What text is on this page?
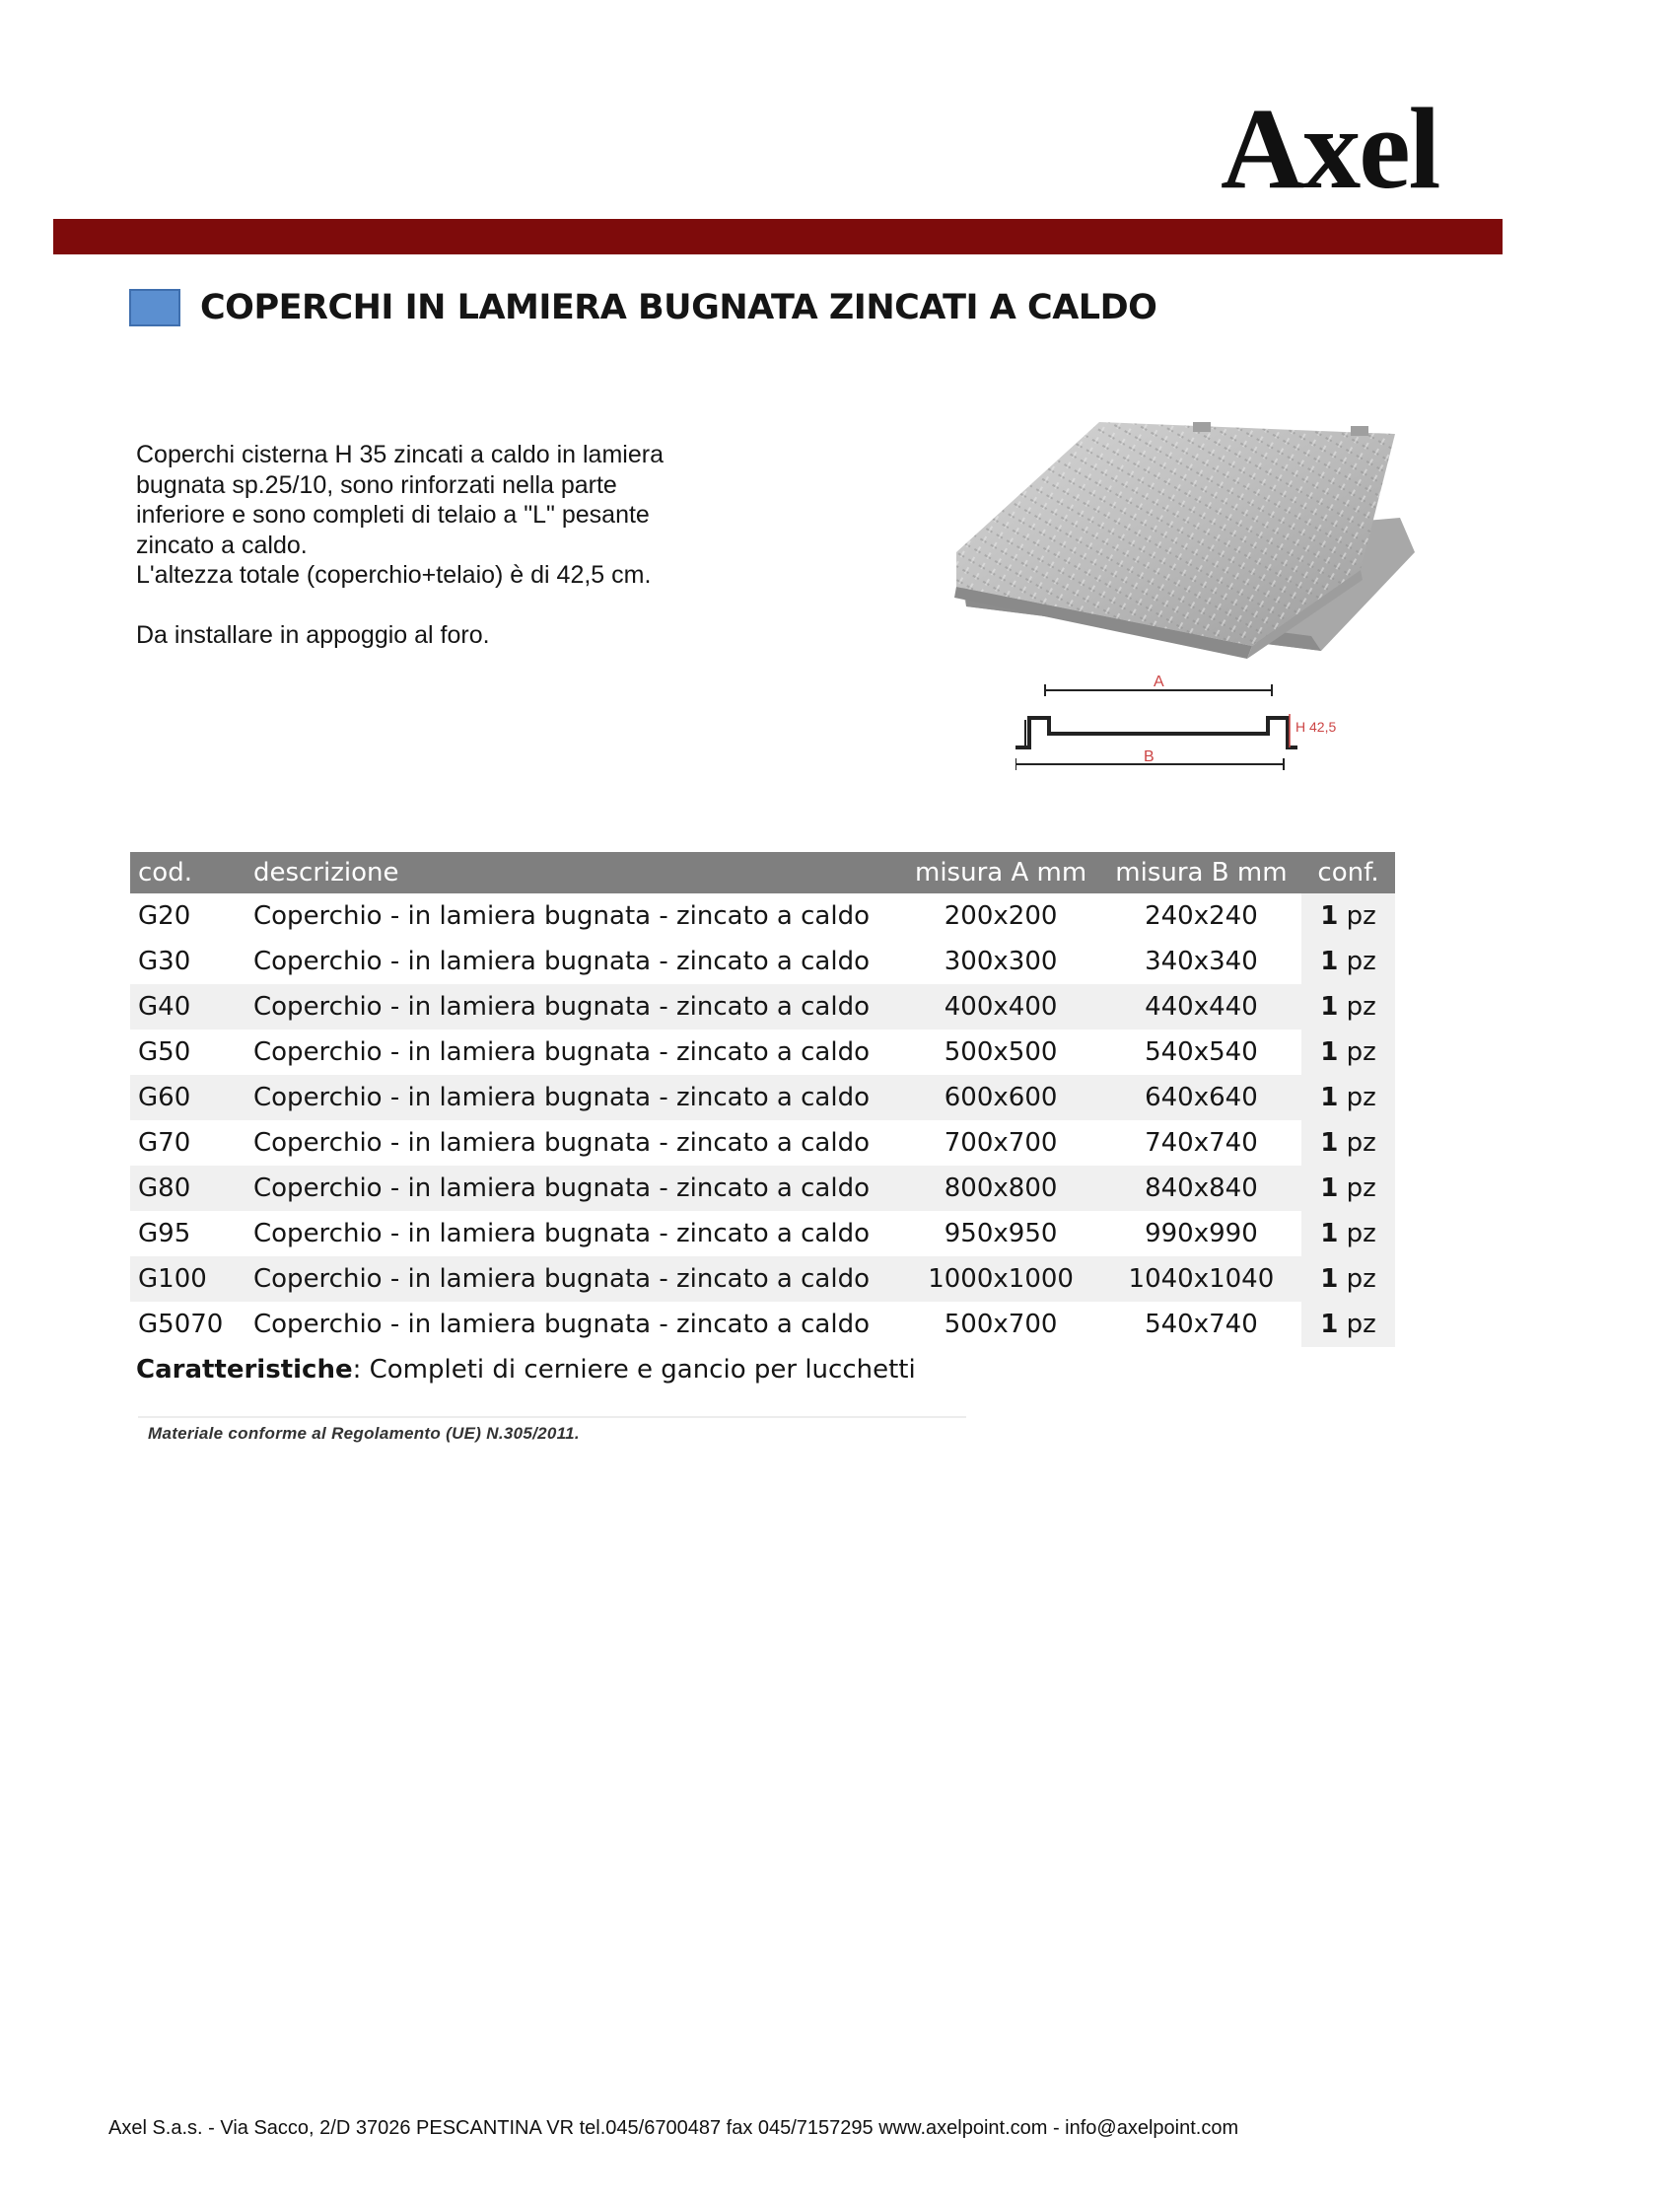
Axel
COPERCHI IN LAMIERA BUGNATA ZINCATI A CALDO

Coperchi cisterna H 35 zincati a caldo in lamiera

bugnata sp.25/10, sono rinforzati nella parte

inferiore e sono completi di telaio a "L" pesante

zincato a caldo.

L'altezza totale (coperchio+telaio) è di 42,5 cm.

Da installare in appoggio al foro.

A
B
H 42,5
cod.	descrizione	misura A mm	misura B mm	conf.
G20	Coperchio - in lamiera bugnata - zincato a caldo	200x200	240x240	1 pz
G30	Coperchio - in lamiera bugnata - zincato a caldo	300x300	340x340	1 pz
G40	Coperchio - in lamiera bugnata - zincato a caldo	400x400	440x440	1 pz
G50	Coperchio - in lamiera bugnata - zincato a caldo	500x500	540x540	1 pz
G60	Coperchio - in lamiera bugnata - zincato a caldo	600x600	640x640	1 pz
G70	Coperchio - in lamiera bugnata - zincato a caldo	700x700	740x740	1 pz
G80	Coperchio - in lamiera bugnata - zincato a caldo	800x800	840x840	1 pz
G95	Coperchio - in lamiera bugnata - zincato a caldo	950x950	990x990	1 pz
G100	Coperchio - in lamiera bugnata - zincato a caldo	1000x1000	1040x1040	1 pz
G5070	Coperchio - in lamiera bugnata - zincato a caldo	500x700	540x740	1 pz
Caratteristiche: Completi di cerniere e gancio per lucchetti
Materiale conforme al Regolamento (UE) N.305/2011.
Axel S.a.s. - Via Sacco, 2/D 37026 PESCANTINA VR tel.045/6700487 fax 045/7157295 www.axelpoint.com - info@axelpoint.com
